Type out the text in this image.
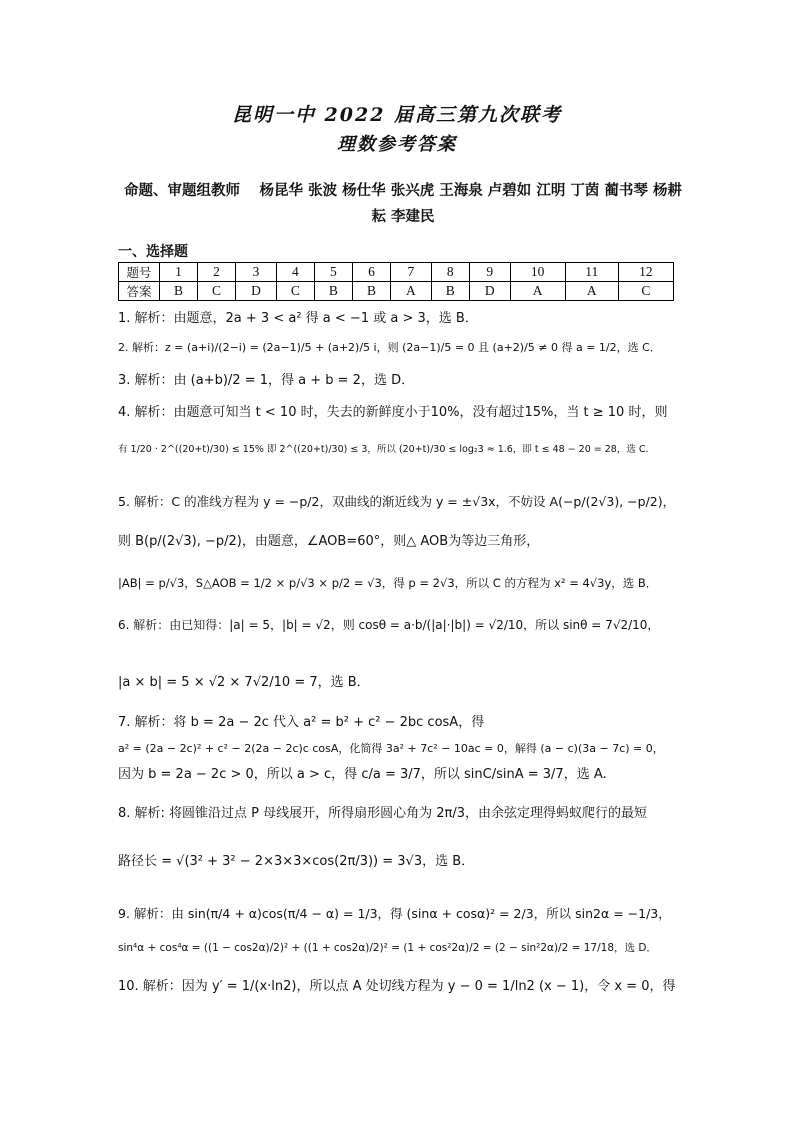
昆明一中 2022 届高三第九次联考
理数参考答案
命题、审题组教师　 杨昆华 张波 杨仕华 张兴虎 王海泉 卢碧如 江明 丁茵 蔺书琴 杨耕耘 李建民
一、选择题
题号	1	2	3	4	5	6	7	8	9	10	11	12
答案	B	C	D	C	B	B	A	B	D	A	A	C
1. 解析：由题意，2a + 3 < a² 得 a < −1 或 a > 3，选 B．
2. 解析：z = (a+i)/(2−i) = (2a−1)/5 + (a+2)/5 i，则 (2a−1)/5 = 0 且 (a+2)/5 ≠ 0 得 a = 1/2，选 C．
3. 解析：由 (a+b)/2 = 1，得 a + b = 2，选 D．
4. 解析：由题意可知当 t < 10 时，失去的新鲜度小于10%，没有超过15%，当 t ≥ 10 时，则
有 1/20 · 2^((20+t)/30) ≤ 15% 即 2^((20+t)/30) ≤ 3，所以 (20+t)/30 ≤ log₂3 ≈ 1.6，即 t ≤ 48 − 20 = 28，选 C．
5. 解析：C 的准线方程为 y = −p/2，双曲线的渐近线为 y = ±√3x，不妨设 A(−p/(2√3), −p/2)，
则 B(p/(2√3), −p/2)，由题意，∠AOB=60°，则△ AOB为等边三角形，
|AB| = p/√3，S△AOB = 1/2 × p/√3 × p/2 = √3，得 p = 2√3，所以 C 的方程为 x² = 4√3y，选 B．
6. 解析：由已知得：|a| = 5，|b| = √2，则 cosθ = a·b/(|a|·|b|) = √2/10，所以 sinθ = 7√2/10，
|a × b| = 5 × √2 × 7√2/10 = 7，选 B．
7. 解析：将 b = 2a − 2c 代入 a² = b² + c² − 2bc cosA，得
a² = (2a − 2c)² + c² − 2(2a − 2c)c cosA，化简得 3a² + 7c² − 10ac = 0，解得 (a − c)(3a − 7c) = 0，
因为 b = 2a − 2c > 0，所以 a > c，得 c/a = 3/7，所以 sinC/sinA = 3/7，选 A.
8. 解析: 将圆锥沿过点 P 母线展开，所得扇形圆心角为 2π/3，由余弦定理得蚂蚁爬行的最短
路径长 = √(3² + 3² − 2×3×3×cos(2π/3)) = 3√3，选 B．
9. 解析：由 sin(π/4 + α)cos(π/4 − α) = 1/3，得 (sinα + cosα)² = 2/3，所以 sin2α = −1/3，
sin⁴α + cos⁴α = ((1 − cos2α)/2)² + ((1 + cos2α)/2)² = (1 + cos²2α)/2 = (2 − sin²2α)/2 = 17/18，选 D．
10. 解析：因为 y′ = 1/(x·ln2)，所以点 A 处切线方程为 y − 0 = 1/ln2 (x − 1)，令 x = 0，得
